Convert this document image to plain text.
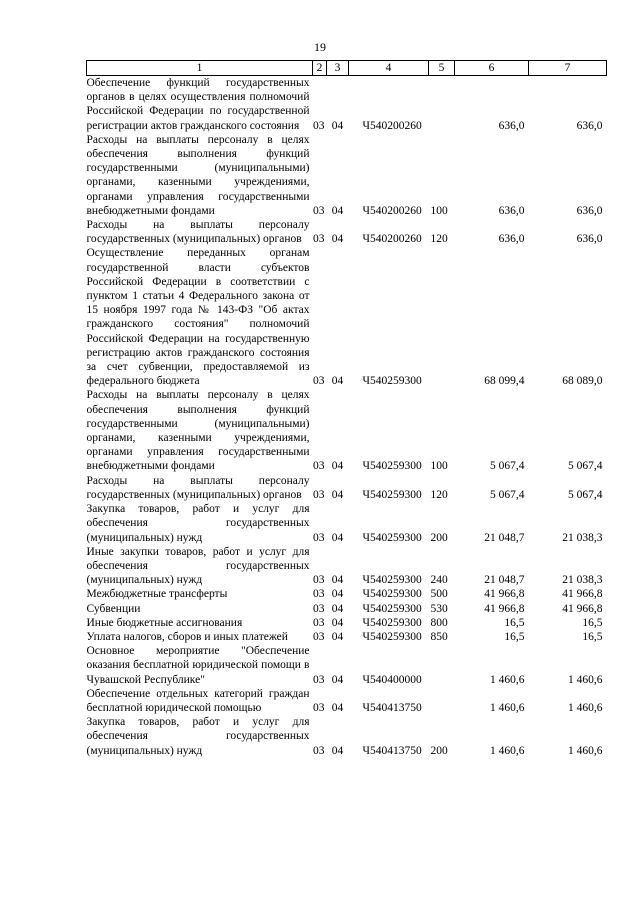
19
1	2	3	4	5	6	7
Обеспечение функций государственных органов в целях осуществления полномочий Российской Федерации по государственной регистрации актов гражданского состояния	03	04	Ч540200260		636,0	636,0
Расходы на выплаты персоналу в целях обеспечения выполнения функций государственными (муниципальными) органами, казенными учреждениями, органами управления государственными внебюджетными фондами	03	04	Ч540200260	100	636,0	636,0
Расходы на выплаты персоналу государственных (муниципальных) органов	03	04	Ч540200260	120	636,0	636,0
Осуществление переданных органам государственной власти субъектов Российской Федерации в соответствии с пунктом 1 статьи 4 Федерального закона от 15 ноября 1997 года № 143-ФЗ "Об актах гражданского состояния" полномочий Российской Федерации на государственную регистрацию актов гражданского состояния за счет субвенции, предоставляемой из федерального бюджета	03	04	Ч540259300		68 099,4	68 089,0
Расходы на выплаты персоналу в целях обеспечения выполнения функций государственными (муниципальными) органами, казенными учреждениями, органами управления государственными внебюджетными фондами	03	04	Ч540259300	100	5 067,4	5 067,4
Расходы на выплаты персоналу государственных (муниципальных) органов	03	04	Ч540259300	120	5 067,4	5 067,4
Закупка товаров, работ и услуг для обеспечения государственных (муниципальных) нужд	03	04	Ч540259300	200	21 048,7	21 038,3
Иные закупки товаров, работ и услуг для обеспечения государственных (муниципальных) нужд	03	04	Ч540259300	240	21 048,7	21 038,3
Межбюджетные трансферты	03	04	Ч540259300	500	41 966,8	41 966,8
Субвенции	03	04	Ч540259300	530	41 966,8	41 966,8
Иные бюджетные ассигнования	03	04	Ч540259300	800	16,5	16,5
Уплата налогов, сборов и иных платежей	03	04	Ч540259300	850	16,5	16,5
Основное мероприятие "Обеспечение оказания бесплатной юридической помощи в Чувашской Республике"	03	04	Ч540400000		1 460,6	1 460,6
Обеспечение отдельных категорий граждан бесплатной юридической помощью	03	04	Ч540413750		1 460,6	1 460,6
Закупка товаров, работ и услуг для обеспечения государственных (муниципальных) нужд	03	04	Ч540413750	200	1 460,6	1 460,6
